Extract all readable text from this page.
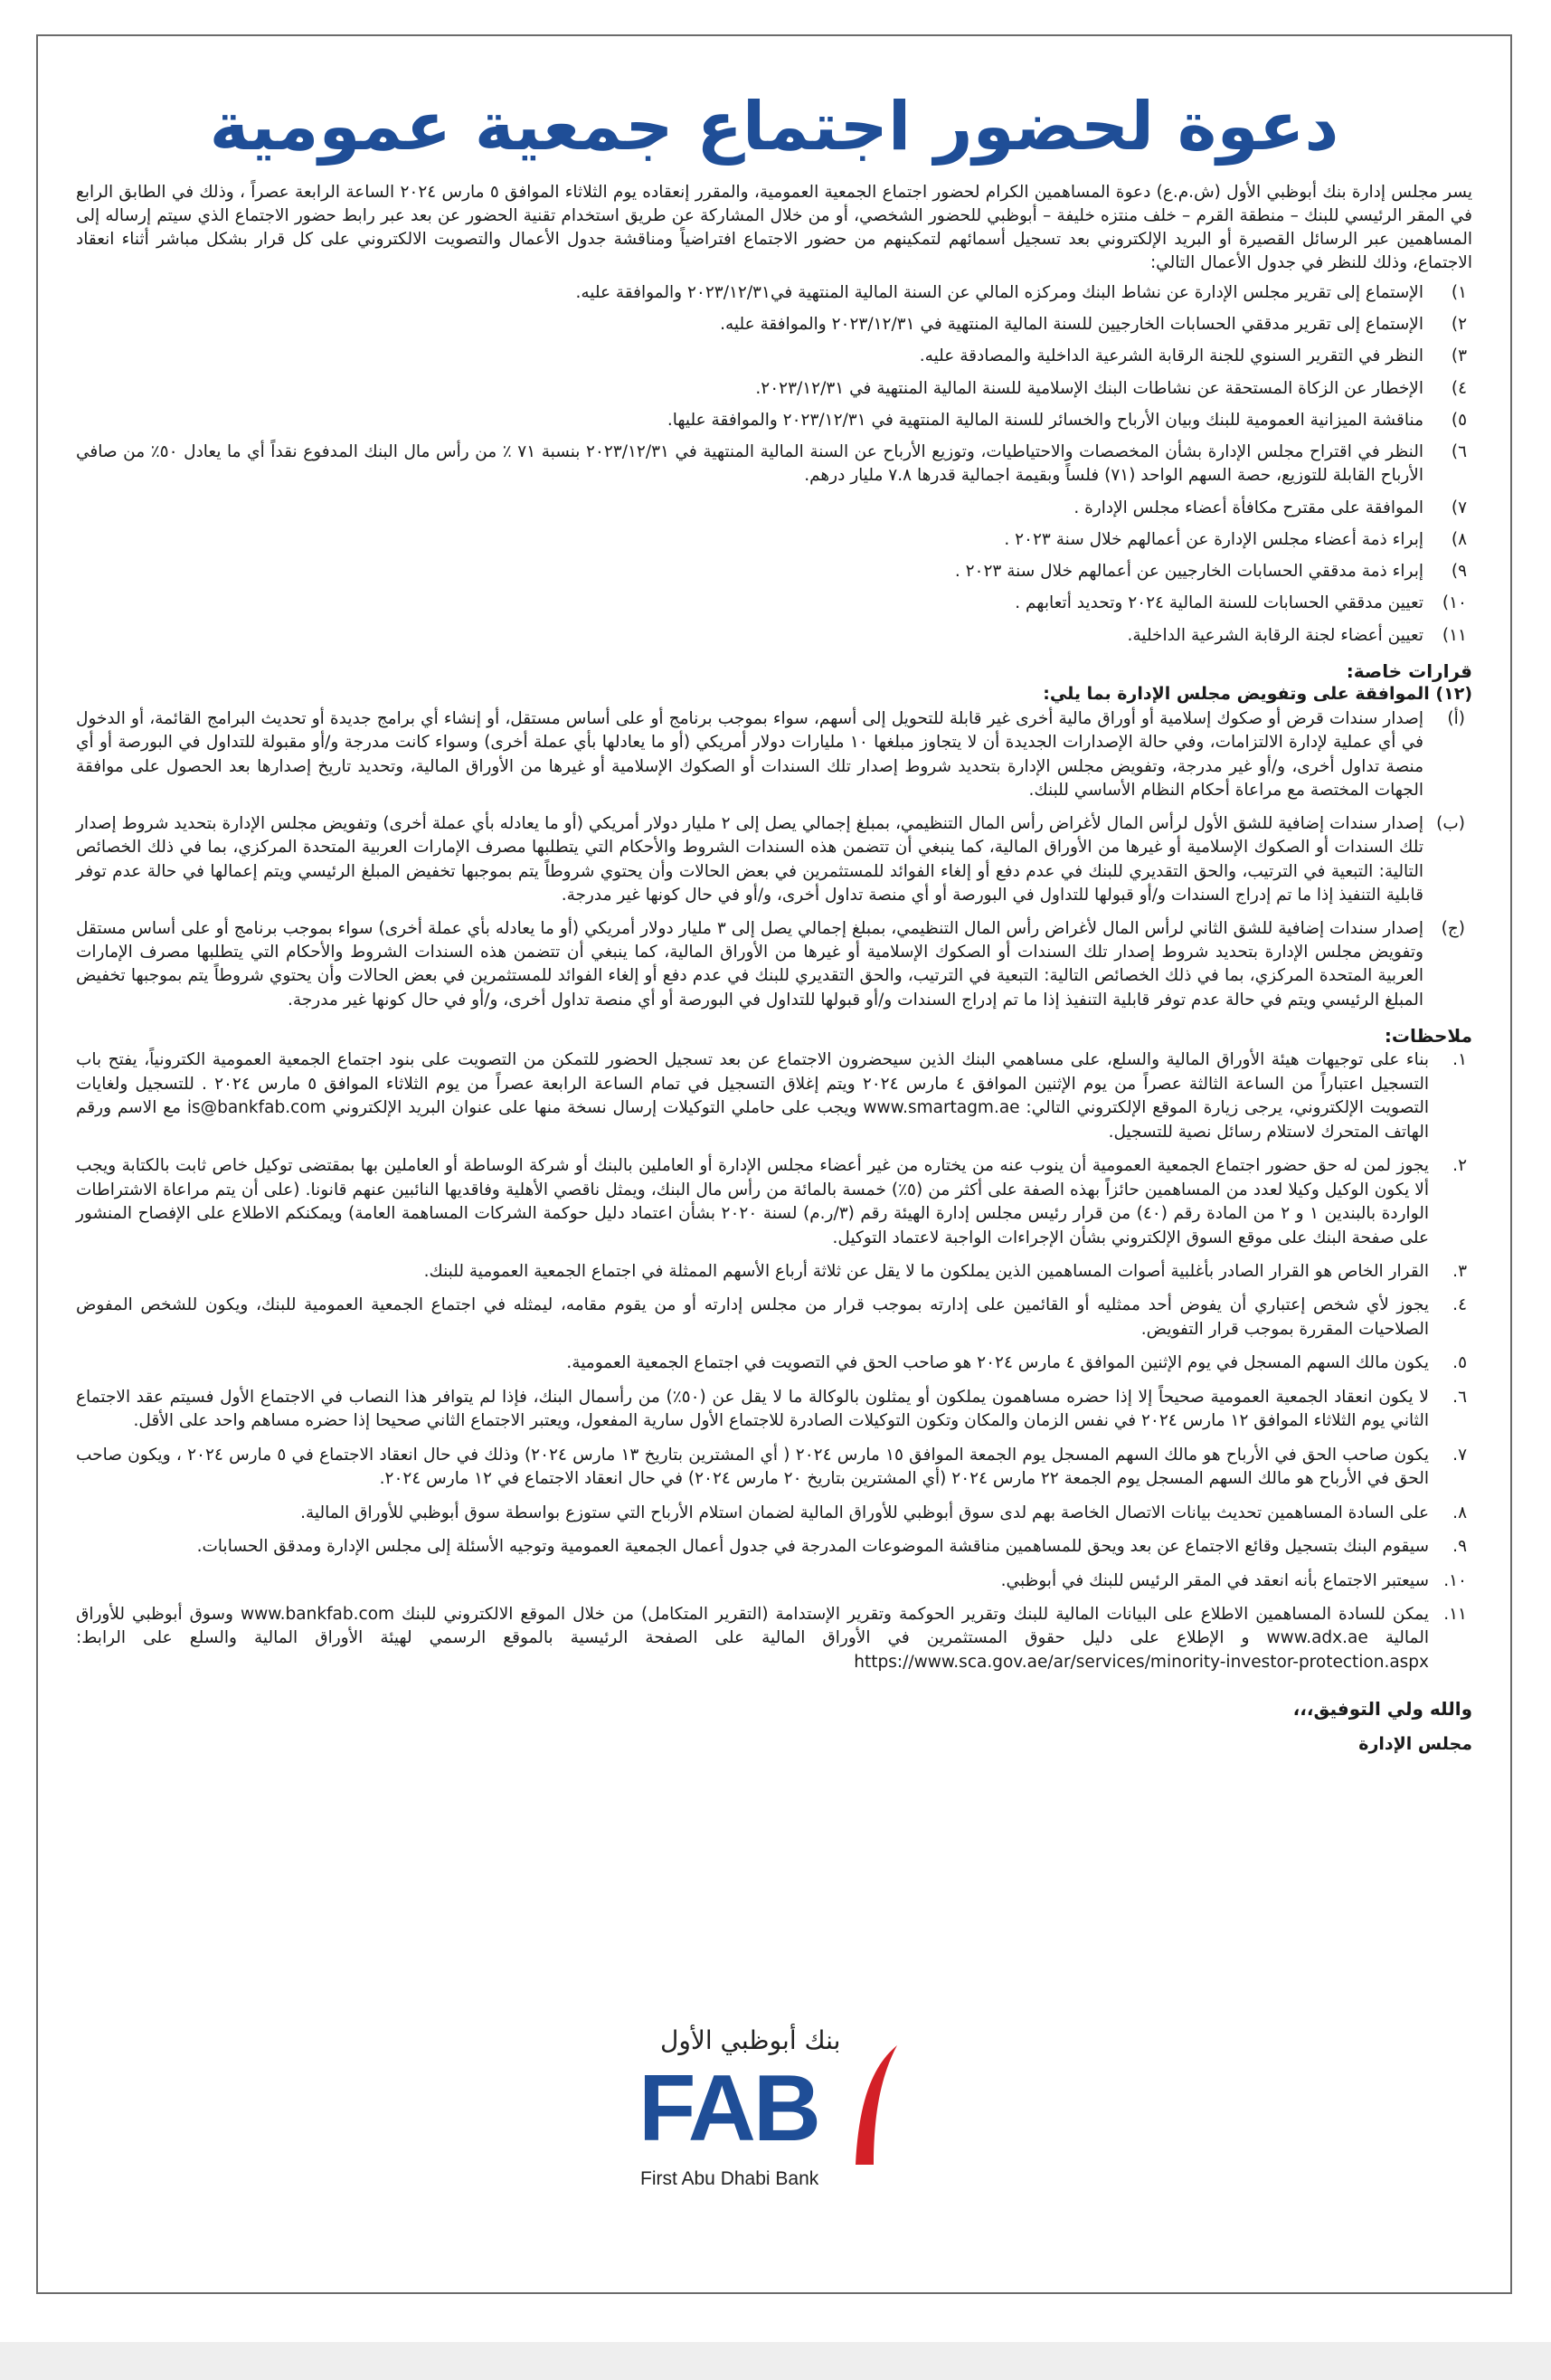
دعوة لحضور اجتماع جمعية عمومية

يسر مجلس إدارة بنك أبوظبي الأول (ش.م.ع) دعوة المساهمين الكرام لحضور اجتماع الجمعية العمومية، والمقرر إنعقاده يوم الثلاثاء الموافق ٥ مارس ٢٠٢٤ الساعة الرابعة عصراً ، وذلك في الطابق الرابع في المقر الرئيسي للبنك – منطقة القرم – خلف منتزه خليفة – أبوظبي للحضور الشخصي، أو من خلال المشاركة عن طريق استخدام تقنية الحضور عن بعد عبر رابط حضور الاجتماع الذي سيتم إرساله إلى المساهمين عبر الرسائل القصيرة أو البريد الإلكتروني بعد تسجيل أسمائهم لتمكينهم من حضور الاجتماع افتراضياً ومناقشة جدول الأعمال والتصويت الالكتروني على كل قرار بشكل مباشر أثناء انعقاد الاجتماع، وذلك للنظر في جدول الأعمال التالي:

١)
الإستماع إلى تقرير مجلس الإدارة عن نشاط البنك ومركزه المالي عن السنة المالية المنتهية في٢٠٢٣/١٢/٣١ والموافقة عليه.
٢)
الإستماع إلى تقرير مدققي الحسابات الخارجيين للسنة المالية المنتهية في ٢٠٢٣/١٢/٣١ والموافقة عليه.
٣)
النظر في التقرير السنوي للجنة الرقابة الشرعية الداخلية والمصادقة عليه.
٤)
الإخطار عن الزكاة المستحقة عن نشاطات البنك الإسلامية للسنة المالية المنتهية في ٢٠٢٣/١٢/٣١.
٥)
مناقشة الميزانية العمومية للبنك وبيان الأرباح والخسائر للسنة المالية المنتهية في ٢٠٢٣/١٢/٣١ والموافقة عليها.
٦)
النظر في اقتراح مجلس الإدارة بشأن المخصصات والاحتياطيات، وتوزيع الأرباح عن السنة المالية المنتهية في ٢٠٢٣/١٢/٣١ بنسبة ٧١ ٪ من رأس مال البنك المدفوع نقداً أي ما يعادل ٥٠٪ من صافي الأرباح القابلة للتوزيع، حصة السهم الواحد (٧١) فلساً وبقيمة اجمالية قدرها ٧.٨ مليار درهم.
٧)
الموافقة على مقترح مكافأة أعضاء مجلس الإدارة .
٨)
إبراء ذمة أعضاء مجلس الإدارة عن أعمالهم خلال سنة ٢٠٢٣ .
٩)
إبراء ذمة مدققي الحسابات الخارجيين عن أعمالهم خلال سنة ٢٠٢٣ .
١٠)
تعيين مدققي الحسابات للسنة المالية ٢٠٢٤ وتحديد أتعابهم .
١١)
تعيين أعضاء لجنة الرقابة الشرعية الداخلية.
قرارات خاصة:
(١٢) الموافقة على وتفويض مجلس الإدارة بما يلي:
(أ)
إصدار سندات قرض أو صكوك إسلامية أو أوراق مالية أخرى غير قابلة للتحويل إلى أسهم، سواء بموجب برنامج أو على أساس مستقل، أو إنشاء أي برامج جديدة أو تحديث البرامج القائمة، أو الدخول في أي عملية لإدارة الالتزامات، وفي حالة الإصدارات الجديدة أن لا يتجاوز مبلغها ١٠ مليارات دولار أمريكي (أو ما يعادلها بأي عملة أخرى) وسواء كانت مدرجة و/أو مقبولة للتداول في البورصة أو أي منصة تداول أخرى، و/أو غير مدرجة، وتفويض مجلس الإدارة بتحديد شروط إصدار تلك السندات أو الصكوك الإسلامية أو غيرها من الأوراق المالية، وتحديد تاريخ إصدارها بعد الحصول على موافقة الجهات المختصة مع مراعاة أحكام النظام الأساسي للبنك.
(ب)
إصدار سندات إضافية للشق الأول لرأس المال لأغراض رأس المال التنظيمي، بمبلغ إجمالي يصل إلى ٢ مليار دولار أمريكي (أو ما يعادله بأي عملة أخرى) وتفويض مجلس الإدارة بتحديد شروط إصدار تلك السندات أو الصكوك الإسلامية أو غيرها من الأوراق المالية، كما ينبغي أن تتضمن هذه السندات الشروط والأحكام التي يتطلبها مصرف الإمارات العربية المتحدة المركزي، بما في ذلك الخصائص التالية: التبعية في الترتيب، والحق التقديري للبنك في عدم دفع أو إلغاء الفوائد للمستثمرين في بعض الحالات وأن يحتوي شروطاً يتم بموجبها تخفيض المبلغ الرئيسي ويتم إعمالها في حالة عدم توفر قابلية التنفيذ إذا ما تم إدراج السندات و/أو قبولها للتداول في البورصة أو أي منصة تداول أخرى، و/أو في حال كونها غير مدرجة.
(ج)
إصدار سندات إضافية للشق الثاني لرأس المال لأغراض رأس المال التنظيمي، بمبلغ إجمالي يصل إلى ٣ مليار دولار أمريكي (أو ما يعادله بأي عملة أخرى) سواء بموجب برنامج أو على أساس مستقل وتفويض مجلس الإدارة بتحديد شروط إصدار تلك السندات أو الصكوك الإسلامية أو غيرها من الأوراق المالية، كما ينبغي أن تتضمن هذه السندات الشروط والأحكام التي يتطلبها مصرف الإمارات العربية المتحدة المركزي، بما في ذلك الخصائص التالية: التبعية في الترتيب، والحق التقديري للبنك في عدم دفع أو إلغاء الفوائد للمستثمرين في بعض الحالات وأن يحتوي شروطاً يتم بموجبها تخفيض المبلغ الرئيسي ويتم في حالة عدم توفر قابلية التنفيذ إذا ما تم إدراج السندات و/أو قبولها للتداول في البورصة أو أي منصة تداول أخرى، و/أو في حال كونها غير مدرجة.
ملاحظات:
١.
بناء على توجيهات هيئة الأوراق المالية والسلع، على مساهمي البنك الذين سيحضرون الاجتماع عن بعد تسجيل الحضور للتمكن من التصويت على بنود اجتماع الجمعية العمومية الكترونياً، يفتح باب التسجيل اعتباراً من الساعة الثالثة عصراً من يوم الإثنين الموافق ٤ مارس ٢٠٢٤ ويتم إغلاق التسجيل في تمام الساعة الرابعة عصراً من يوم الثلاثاء الموافق ٥ مارس ٢٠٢٤ . للتسجيل ولغايات التصويت الإلكتروني، يرجى زيارة الموقع الإلكتروني التالي: www.smartagm.ae ويجب على حاملي التوكيلات إرسال نسخة منها على عنوان البريد الإلكتروني is@bankfab.com مع الاسم ورقم الهاتف المتحرك لاستلام رسائل نصية للتسجيل.
٢.
يجوز لمن له حق حضور اجتماع الجمعية العمومية أن ينوب عنه من يختاره من غير أعضاء مجلس الإدارة أو العاملين بالبنك أو شركة الوساطة أو العاملين بها بمقتضى توكيل خاص ثابت بالكتابة ويجب ألا يكون الوكيل وكيلا لعدد من المساهمين حائزاً بهذه الصفة على أكثر من (٥٪) خمسة بالمائة من رأس مال البنك، ويمثل ناقصي الأهلية وفاقديها النائبين عنهم قانونا. (على أن يتم مراعاة الاشتراطات الواردة بالبندين ١ و ٢ من المادة رقم (٤٠) من قرار رئيس مجلس إدارة الهيئة رقم (٣/ر.م) لسنة ٢٠٢٠ بشأن اعتماد دليل حوكمة الشركات المساهمة العامة) ويمكنكم الاطلاع على الإفصاح المنشور على صفحة البنك على موقع السوق الإلكتروني بشأن الإجراءات الواجبة لاعتماد التوكيل.
٣.
القرار الخاص هو القرار الصادر بأغلبية أصوات المساهمين الذين يملكون ما لا يقل عن ثلاثة أرباع الأسهم الممثلة في اجتماع الجمعية العمومية للبنك.
٤.
يجوز لأي شخص إعتباري أن يفوض أحد ممثليه أو القائمين على إدارته بموجب قرار من مجلس إدارته أو من يقوم مقامه، ليمثله في اجتماع الجمعية العمومية للبنك، ويكون للشخص المفوض الصلاحيات المقررة بموجب قرار التفويض.
٥.
يكون مالك السهم المسجل في يوم الإثنين الموافق ٤ مارس ٢٠٢٤ هو صاحب الحق في التصويت في اجتماع الجمعية العمومية.
٦.
لا يكون انعقاد الجمعية العمومية صحيحاً إلا إذا حضره مساهمون يملكون أو يمثلون بالوكالة ما لا يقل عن (٥٠٪) من رأسمال البنك، فإذا لم يتوافر هذا النصاب في الاجتماع الأول فسيتم عقد الاجتماع الثاني يوم الثلاثاء الموافق ١٢ مارس ٢٠٢٤ في نفس الزمان والمكان وتكون التوكيلات الصادرة للاجتماع الأول سارية المفعول، ويعتبر الاجتماع الثاني صحيحا إذا حضره مساهم واحد على الأقل.
٧.
يكون صاحب الحق في الأرباح هو مالك السهم المسجل يوم الجمعة الموافق ١٥ مارس ٢٠٢٤ ( أي المشترين بتاريخ ١٣ مارس ٢٠٢٤) وذلك في حال انعقاد الاجتماع في ٥ مارس ٢٠٢٤ ، ويكون صاحب الحق في الأرباح هو مالك السهم المسجل يوم الجمعة ٢٢ مارس ٢٠٢٤ (أي المشترين بتاريخ ٢٠ مارس ٢٠٢٤) في حال انعقاد الاجتماع في ١٢ مارس ٢٠٢٤.
٨.
على السادة المساهمين تحديث بيانات الاتصال الخاصة بهم لدى سوق أبوظبي للأوراق المالية لضمان استلام الأرباح التي ستوزع بواسطة سوق أبوظبي للأوراق المالية.
٩.
سيقوم البنك بتسجيل وقائع الاجتماع عن بعد ويحق للمساهمين مناقشة الموضوعات المدرجة في جدول أعمال الجمعية العمومية وتوجيه الأسئلة إلى مجلس الإدارة ومدقق الحسابات.
١٠.
سيعتبر الاجتماع بأنه انعقد في المقر الرئيس للبنك في أبوظبي.
١١.
يمكن للسادة المساهمين الاطلاع على البيانات المالية للبنك وتقرير الحوكمة وتقرير الإستدامة (التقرير المتكامل) من خلال الموقع الالكتروني للبنك www.bankfab.com وسوق أبوظبي للأوراق المالية www.adx.ae و الإطلاع على دليل حقوق المستثمرين في الأوراق المالية على الصفحة الرئيسية بالموقع الرسمي لهيئة الأوراق المالية والسلع على الرابط: https://www.sca.gov.ae/ar/services/minority-investor-protection.aspx
والله ولي التوفيق،،،
مجلس الإدارة
بنك أبوظبي الأول
FAB
First Abu Dhabi Bank
